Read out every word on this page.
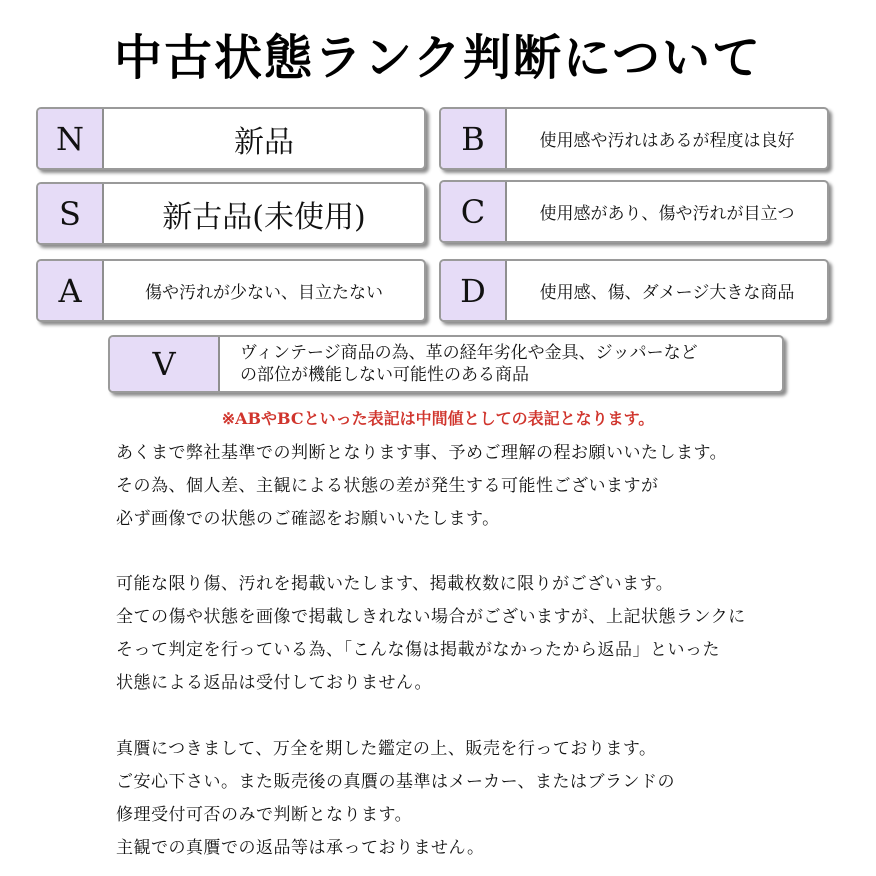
中古状態ランク判断について
N	新品
S	新古品(未使用)
A	傷や汚れが少ない、目立たない
B	使用感や汚れはあるが程度は良好
C	使用感があり、傷や汚れが目立つ
D	使用感、傷、ダメージ大きな商品
V	ヴィンテージ商品の為、革の経年劣化や金具、ジッパーなど
の部位が機能しない可能性のある商品
※ABやBCといった表記は中間値としての表記となります。
あくまで弊社基準での判断となります事、予めご理解の程お願いいたします。
その為、個人差、主観による状態の差が発生する可能性ございますが
必ず画像での状態のご確認をお願いいたします。
可能な限り傷、汚れを掲載いたします、掲載枚数に限りがございます。
全ての傷や状態を画像で掲載しきれない場合がございますが、上記状態ランクに
そって判定を行っている為、「こんな傷は掲載がなかったから返品」といった
状態による返品は受付しておりません。
真贋につきまして、万全を期した鑑定の上、販売を行っております。
ご安心下さい。また販売後の真贋の基準はメーカー、またはブランドの
修理受付可否のみで判断となります。
主観での真贋での返品等は承っておりません。
